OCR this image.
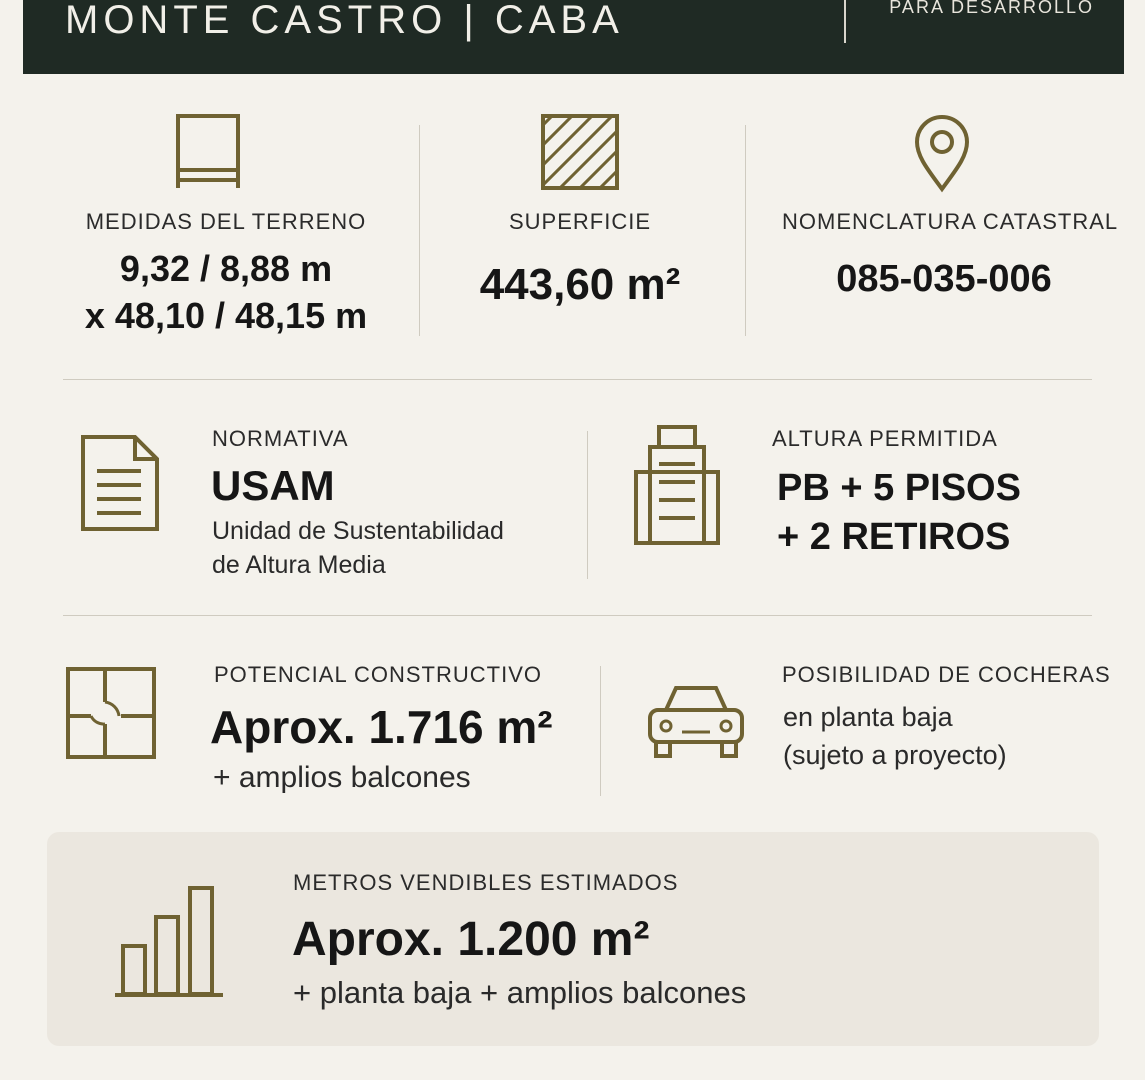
MONTE CASTRO | CABA	PARA DESARROLLO
MEDIDAS DEL TERRENO
9,32 / 8,88 m
x 48,10 / 48,15 m
SUPERFICIE
443,60 m²
NOMENCLATURA CATASTRAL
085-035-006
NORMATIVA
USAM
Unidad de Sustentabilidad
de Altura Media
ALTURA PERMITIDA
PB + 5 PISOS
+ 2 RETIROS
POTENCIAL CONSTRUCTIVO
Aprox. 1.716 m²
+ amplios balcones
POSIBILIDAD DE COCHERAS
en planta baja
(sujeto a proyecto)
METROS VENDIBLES ESTIMADOS
Aprox. 1.200 m²
+ planta baja + amplios balcones
